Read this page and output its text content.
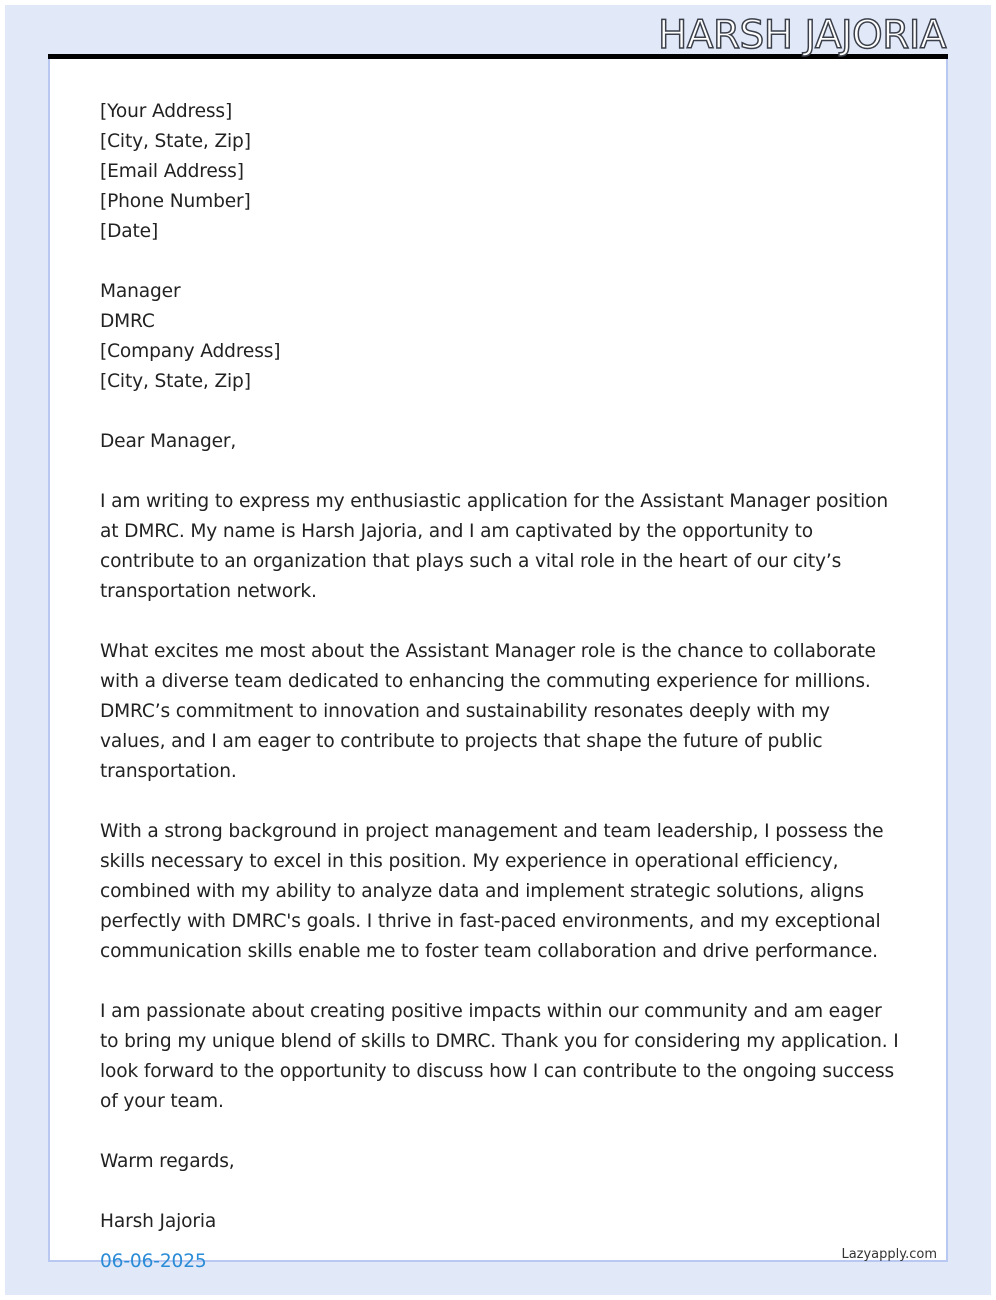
HARSH JAJORIA
[Your Address]
[City, State, Zip]
[Email Address]
[Phone Number]
[Date]
Manager
DMRC
[Company Address]
[City, State, Zip]

Dear Manager,

I am writing to express my enthusiastic application for the Assistant Manager position at DMRC. My name is Harsh Jajoria, and I am captivated by the opportunity to contribute to an organization that plays such a vital role in the heart of our city’s transportation network.

What excites me most about the Assistant Manager role is the chance to collaborate with a diverse team dedicated to enhancing the commuting experience for millions. DMRC’s commitment to innovation and sustainability resonates deeply with my values, and I am eager to contribute to projects that shape the future of public transportation.

With a strong background in project management and team leadership, I possess the skills necessary to excel in this position. My experience in operational efficiency, combined with my ability to analyze data and implement strategic solutions, aligns perfectly with DMRC's goals. I thrive in fast-paced environments, and my exceptional communication skills enable me to foster team collaboration and drive performance.

I am passionate about creating positive impacts within our community and am eager to bring my unique blend of skills to DMRC. Thank you for considering my application. I look forward to the opportunity to discuss how I can contribute to the ongoing success of your team.

Warm regards,

Harsh Jajoria
06-06-2025	Lazyapply.com
